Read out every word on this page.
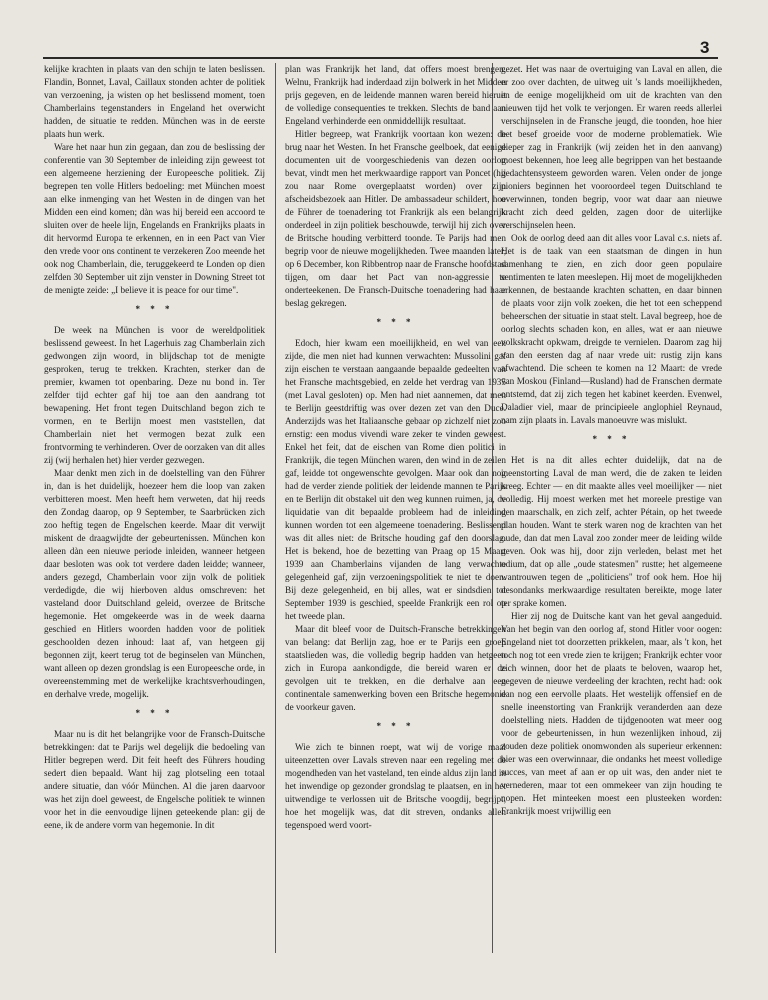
3

kelijke krachten in plaats van den schijn te laten beslissen. Flandin, Bonnet, Laval, Caillaux stonden achter de politiek van verzoening, ja wisten op het beslissend moment, toen Chamberlains tegenstanders in Engeland het overwicht hadden, de situatie te redden. München was in de eerste plaats hun werk.

Ware het naar hun zin gegaan, dan zou de beslissing der conferentie van 30 September de inleiding zijn geweest tot een algemeene herziening der Europeesche politiek. Zij begrepen ten volle Hitlers bedoeling: met München moest aan elke inmenging van het Westen in de dingen van het Midden een eind komen; dàn was hij bereid een accoord te sluiten over de heele lijn, Engelands en Frankrijks plaats in dit hervormd Europa te erkennen, en in een Pact van Vier den vrede voor ons continent te verzekeren Zoo meende het ook nog Chamberlain, die, teruggekeerd te Londen op dien zelfden 30 September uit zijn venster in Downing Street tot de menigte zeide: „I believe it is peace for our time".

* * *

De week na München is voor de wereldpolitiek beslissend geweest. In het Lagerhuis zag Chamberlain zich gedwongen zijn woord, in blijdschap tot de menigte gesproken, terug te trekken. Krachten, sterker dan de premier, kwamen tot openbaring. Deze nu bond in. Ter zelfder tijd echter gaf hij toe aan den aandrang tot bewapening. Het front tegen Duitschland begon zich te vormen, en te Berlijn moest men vaststellen, dat Chamberlain niet het vermogen bezat zulk een frontvorming te verhinderen. Over de oorzaken van dit alles zij (wij herhalen het) hier verder gezwegen.

Maar denkt men zich in de doelstelling van den Führer in, dan is het duidelijk, hoezeer hem die loop van zaken verbitteren moest. Men heeft hem verweten, dat hij reeds den Zondag daarop, op 9 September, te Saarbrücken zich zoo heftig tegen de Engelschen keerde. Maar dit verwijt miskent de draagwijdte der gebeurtenissen. München kon alleen dàn een nieuwe periode inleiden, wanneer hetgeen daar besloten was ook tot verdere daden leidde; wanneer, anders gezegd, Chamberlain voor zijn volk de politiek verdedigde, die wij hierboven aldus omschreven: het vasteland door Duitschland geleid, overzee de Britsche hegemonie. Het omgekeerde was in de week daarna geschied en Hitlers woorden hadden voor de politiek geschoolden dezen inhoud: laat af, van hetgeen gij begonnen zijt, keert terug tot de beginselen van München, want alleen op dezen grondslag is een Europeesche orde, in overeenstemming met de werkelijke krachtsverhoudingen, en derhalve vrede, mogelijk.

* * *

Maar nu is dit het belangrijke voor de Fransch-Duitsche betrekkingen: dat te Parijs wel degelijk die bedoeling van Hitler begrepen werd. Dit feit heeft des Führers houding sedert dien bepaald. Want hij zag plotseling een totaal andere situatie, dan vóór München. Al die jaren daarvoor was het zijn doel geweest, de Engelsche politiek te winnen voor het in die eenvoudige lijnen geteekende plan: gij de eene, ik de andere vorm van hegemonie. In dit

plan was Frankrijk het land, dat offers moest brengen. Welnu, Frankrijk had inderdaad zijn bolwerk in het Midden prijs gegeven, en de leidende mannen waren bereid hieruit de volledige consequenties te trekken. Slechts de band aan Engeland verhinderde een onmiddellijk resultaat.

Hitler begreep, wat Frankrijk voortaan kon wezen: de brug naar het Westen. In het Fransche geelboek, dat eenige documenten uit de voorgeschiedenis van dezen oorlog bevat, vindt men het merkwaardige rapport van Poncet (hij zou naar Rome overgeplaatst worden) over zijn afscheidsbezoek aan Hitler. De ambassadeur schildert, hoe de Führer de toenadering tot Frankrijk als een belangrijk onderdeel in zijn politiek beschouwde, terwijl hij zich over de Britsche houding verbitterd toonde. Te Parijs had men begrip voor de nieuwe mogelijkheden. Twee maanden later, op 6 December, kon Ribbentrop naar de Fransche hoofdstad tijgen, om daar het Pact van non-aggressie te onderteekenen. De Fransch-Duitsche toenadering had haar beslag gekregen.

* * *

Edoch, hier kwam een moeilijkheid, en wel van een zijde, die men niet had kunnen verwachten: Mussolini gaf zijn eischen te verstaan aangaande bepaalde gedeelten van het Fransche machtsgebied, en zelde het verdrag van 1935 (met Laval gesloten) op. Men had niet aannemen, dat men te Berlijn geestdriftig was over dezen zet van den Duce. Anderzijds was het Italiaansche gebaar op zichzelf niet zoo ernstig: een modus vivendi ware zeker te vinden geweest. Enkel het feit, dat de eischen van Rome dien politici in Frankrijk, die tegen München waren, den wind in de zeilen gaf, leidde tot ongewenschte gevolgen. Maar ook dan nog had de verder ziende politiek der leidende mannen te Parijs en te Berlijn dit obstakel uit den weg kunnen ruimen, ja, de liquidatie van dit bepaalde probleem had de inleiding kunnen worden tot een algemeene toenadering. Beslissend was dit alles niet: de Britsche houding gaf den doorslag. Het is bekend, hoe de bezetting van Praag op 15 Maart 1939 aan Chamberlains vijanden de lang verwachte gelegenheid gaf, zijn verzoeningspolitiek te niet te doen. Bij deze gelegenheid, en bij alles, wat er sindsdien tot September 1939 is geschied, speelde Frankrijk een rol op het tweede plan.

Maar dit bleef voor de Duitsch-Fransche betrekkingen van belang: dat Berlijn zag, hoe er te Parijs een groep staatslieden was, die volledig begrip hadden van hetgeen zich in Europa aankondigde, die bereid waren er de gevolgen uit te trekken, en die derhalve aan een continentale samenwerking boven een Britsche hegemonie de voorkeur gaven.

* * *

Wie zich te binnen roept, wat wij de vorige maal uiteenzetten over Lavals streven naar een regeling met de mogendheden van het vasteland, ten einde aldus zijn land in het inwendige op gezonder grondslag te plaatsen, en in het uitwendige te verlossen uit de Britsche voogdij, begrijpt, hoe het mogelijk was, dat dit streven, ondanks allen tegenspoed werd voort-

gezet. Het was naar de overtuiging van Laval en allen, die er zoo over dachten, de uitweg uit 's lands moeilijkheden, en de eenige mogelijkheid om uit de krachten van den nieuwen tijd het volk te verjongen. Er waren reeds allerlei verschijnselen in de Fransche jeugd, die toonden, hoe hier het besef groeide voor de moderne problematiek. Wie dieper zag in Frankrijk (wij zeiden het in den aanvang) moest bekennen, hoe leeg alle begrippen van het bestaande gedachtensysteem geworden waren. Velen onder de jonge pioniers beginnen het vooroordeel tegen Duitschland te overwinnen, tonden begrip, voor wat daar aan nieuwe kracht zich deed gelden, zagen door de uiterlijke verschijnselen heen.

Ook de oorlog deed aan dit alles voor Laval c.s. niets af. Het is de taak van een staatsman de dingen in hun samenhang te zien, en zich door geen populaire sentimenten te laten meeslepen. Hij moet de mogelijkheden erkennen, de bestaande krachten schatten, en daar binnen de plaats voor zijn volk zoeken, die het tot een scheppend beheerschen der situatie in staat stelt. Laval begreep, hoe de oorlog slechts schaden kon, en alles, wat er aan nieuwe volkskracht opkwam, dreigde te vernielen. Daarom zag hij van den eersten dag af naar vrede uit: rustig zijn kans afwachtend. Die scheen te komen na 12 Maart: de vrede van Moskou (Finland—Rusland) had de Franschen dermate ontstemd, dat zij zich tegen het kabinet keerden. Evenwel, Daladier viel, maar de principieele anglophiel Reynaud, nam zijn plaats in. Lavals manoeuvre was mislukt.

* * *

Het is na dit alles echter duidelijk, dat na de ineenstorting Laval de man werd, die de zaken te leiden kreeg. Echter — en dit maakte alles veel moeilijker — niet volledig. Hij moest werken met het moreele prestige van den maarschalk, en zich zelf, achter Pétain, op het tweede plan houden. Want te sterk waren nog de krachten van het oude, dan dat men Laval zoo zonder meer de leiding wilde geven. Ook was hij, door zijn verleden, belast met het odium, dat op alle „oude statesmen" rustte; het algemeene wantrouwen tegen de „politiciens" trof ook hem. Hoe hij desondanks merkwaardige resultaten bereikte, moge later ter sprake komen.

Hier zij nog de Duitsche kant van het geval aangeduid. Van het begin van den oorlog af, stond Hitler voor oogen: Engeland niet tot doorzetten prikkelen, maar, als 't kon, het toch nog tot een vrede zien te krijgen; Frankrijk echter voor zich winnen, door het de plaats te beloven, waarop het, gegeven de nieuwe verdeeling der krachten, recht had: ook dan nog een eervolle plaats. Het westelijk offensief en de snelle ineenstorting van Frankrijk veranderden aan deze doelstelling niets. Hadden de tijdgenooten wat meer oog voor de gebeurtenissen, in hun wezenlijken inhoud, zij zouden deze politiek onomwonden als superieur erkennen: hier was een overwinnaar, die ondanks het meest volledige succes, van meet af aan er op uit was, den ander niet te vernederen, maar tot een ommekeer van zijn houding te nopen. Het minteeken moest een plusteeken worden: Frankrijk moest vrijwillig een
